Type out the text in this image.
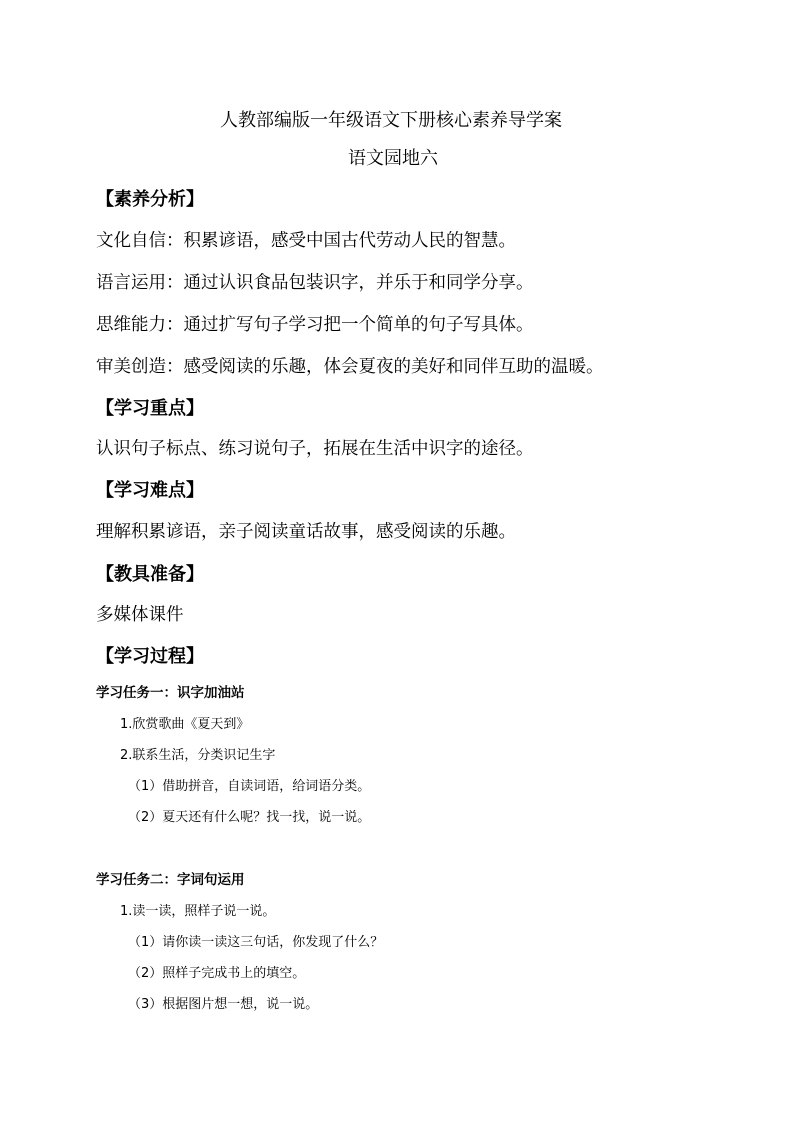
人教部编版一年级语文下册核心素养导学案
语文园地六
【素养分析】
文化自信：积累谚语，感受中国古代劳动人民的智慧。
语言运用：通过认识食品包装识字，并乐于和同学分享。
思维能力：通过扩写句子学习把一个简单的句子写具体。
审美创造：感受阅读的乐趣，体会夏夜的美好和同伴互助的温暖。
【学习重点】
认识句子标点、练习说句子，拓展在生活中识字的途径。
【学习难点】
理解积累谚语，亲子阅读童话故事，感受阅读的乐趣。
【教具准备】
多媒体课件
【学习过程】
学习任务一：识字加油站
1.欣赏歌曲《夏天到》
2.联系生活，分类识记生字
（1）借助拼音，自读词语，给词语分类。
（2）夏天还有什么呢？找一找，说一说。
学习任务二：字词句运用
1.读一读，照样子说一说。
（1）请你读一读这三句话，你发现了什么？
（2）照样子完成书上的填空。
（3）根据图片想一想，说一说。
